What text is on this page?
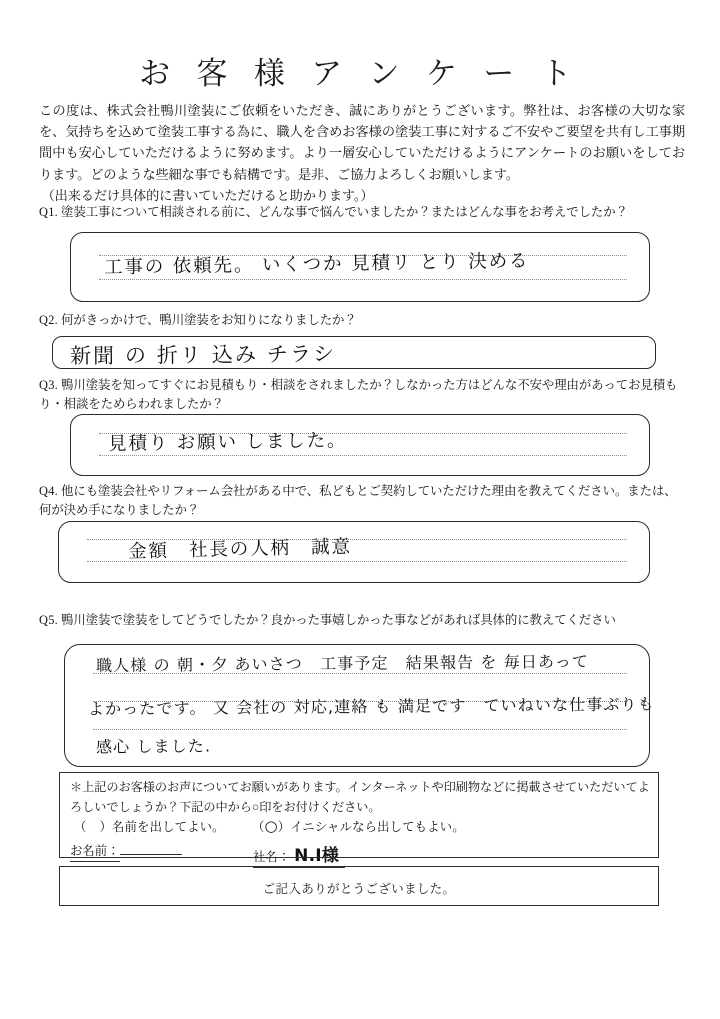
お 客 様 ア ン ケ ー ト
この度は、株式会社鴨川塗装にご依頼をいただき、誠にありがとうございます。弊社は、お客様の大切な家を、気持ちを込めて塗装工事する為に、職人を含めお客様の塗装工事に対するご不安やご要望を共有し工事期間中も安心していただけるように努めます。より一層安心していただけるようにアンケートのお願いをしております。どのような些細な事でも結構です。是非、ご協力よろしくお願いします。
（出来るだけ具体的に書いていただけると助かります。）
Q1. 塗装工事について相談される前に、どんな事で悩んでいましたか？またはどんな事をお考えでしたか？
工事の 依頼先。 いくつか 見積リ とり 決める
Q2. 何がきっかけで、鴨川塗装をお知りになりましたか？
新聞 の 折リ 込み チラシ
Q3. 鴨川塗装を知ってすぐにお見積もり・相談をされましたか？しなかった方はどんな不安や理由があってお見積もり・相談をためらわれましたか？
見積り お願い しました。
Q4. 他にも塗装会社やリフォーム会社がある中で、私どもとご契約していただけた理由を教えてください。または、何が決め手になりましたか？
金額　社長の人柄　誠意
Q5. 鴨川塗装で塗装をしてどうでしたか？良かった事嬉しかった事などがあれば具体的に教えてください
職人様 の 朝・夕 あいさつ　工事予定　結果報告 を 毎日あって
よかったです。 又 会社の 対応,連絡 も 満足です　ていねいな仕事ぶりも
感心 しました.
＊上記のお客様のお声についてお願いがあります。インターネットや印刷物などに掲載させていただいてよろしいでしょうか？下記の中から○印をお付けください。
（ ）名前を出してよい。 （○）イニシャルなら出してもよい。
お名前：	社名： N.I様
ご記入ありがとうございました。
